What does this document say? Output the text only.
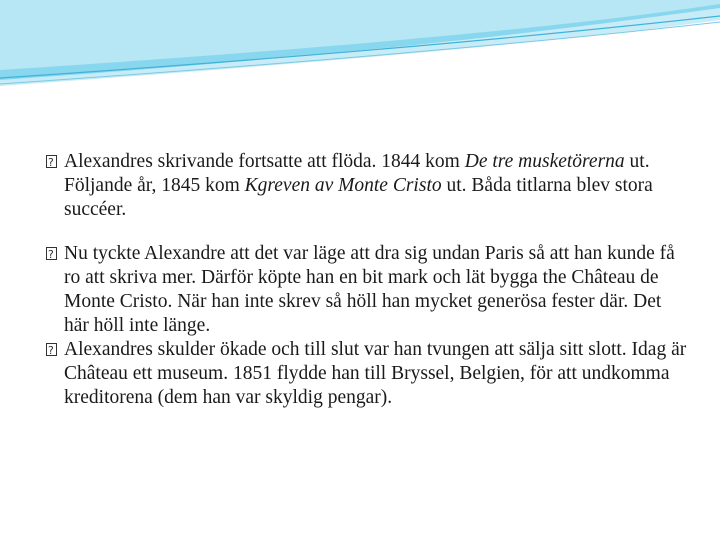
?
Alexandres skrivande fortsatte att flöda. 1844 kom De tre musketörerna ut. Följande år, 1845 kom Kgreven av Monte Cristo ut. Båda titlarna blev stora succéer.

?
Nu tyckte Alexandre att det var läge att dra sig undan Paris så att han kunde få ro att skriva mer. Därför köpte han en bit mark och lät bygga the Château de Monte Cristo. När han inte skrev så höll han mycket generösa fester där. Det här höll inte länge.

?
Alexandres skulder ökade och till slut var han tvungen att sälja sitt slott. Idag är Château ett museum. 1851 flydde han till Bryssel, Belgien, för att undkomma kreditorena (dem han var skyldig pengar).
